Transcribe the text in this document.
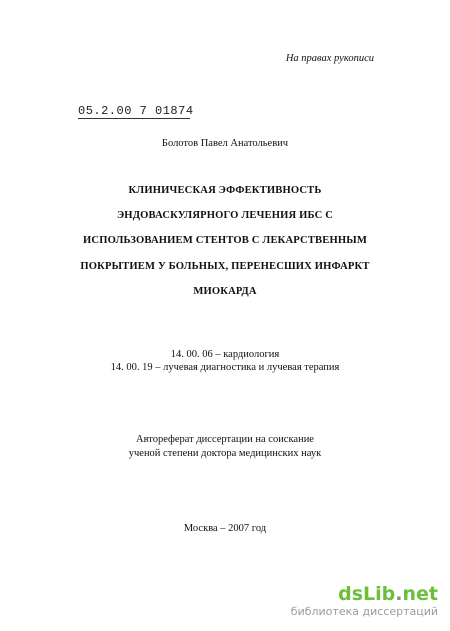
На правах рукописи
05.2.00 7 01874
Болотов Павел Анатольевич
КЛИНИЧЕСКАЯ ЭФФЕКТИВНОСТЬ
ЭНДОВАСКУЛЯРНОГО ЛЕЧЕНИЯ ИБС С
ИСПОЛЬЗОВАНИЕМ СТЕНТОВ С ЛЕКАРСТВЕННЫМ
ПОКРЫТИЕМ У БОЛЬНЫХ, ПЕРЕНЕСШИХ ИНФАРКТ
МИОКАРДА
14. 00. 06 – кардиология
14. 00. 19 – лучевая диагностика и лучевая терапия
Автореферат диссертации на соискание
ученой степени доктора медицинских наук
Москва – 2007 год
dsLib.net
библиотека диссертаций
